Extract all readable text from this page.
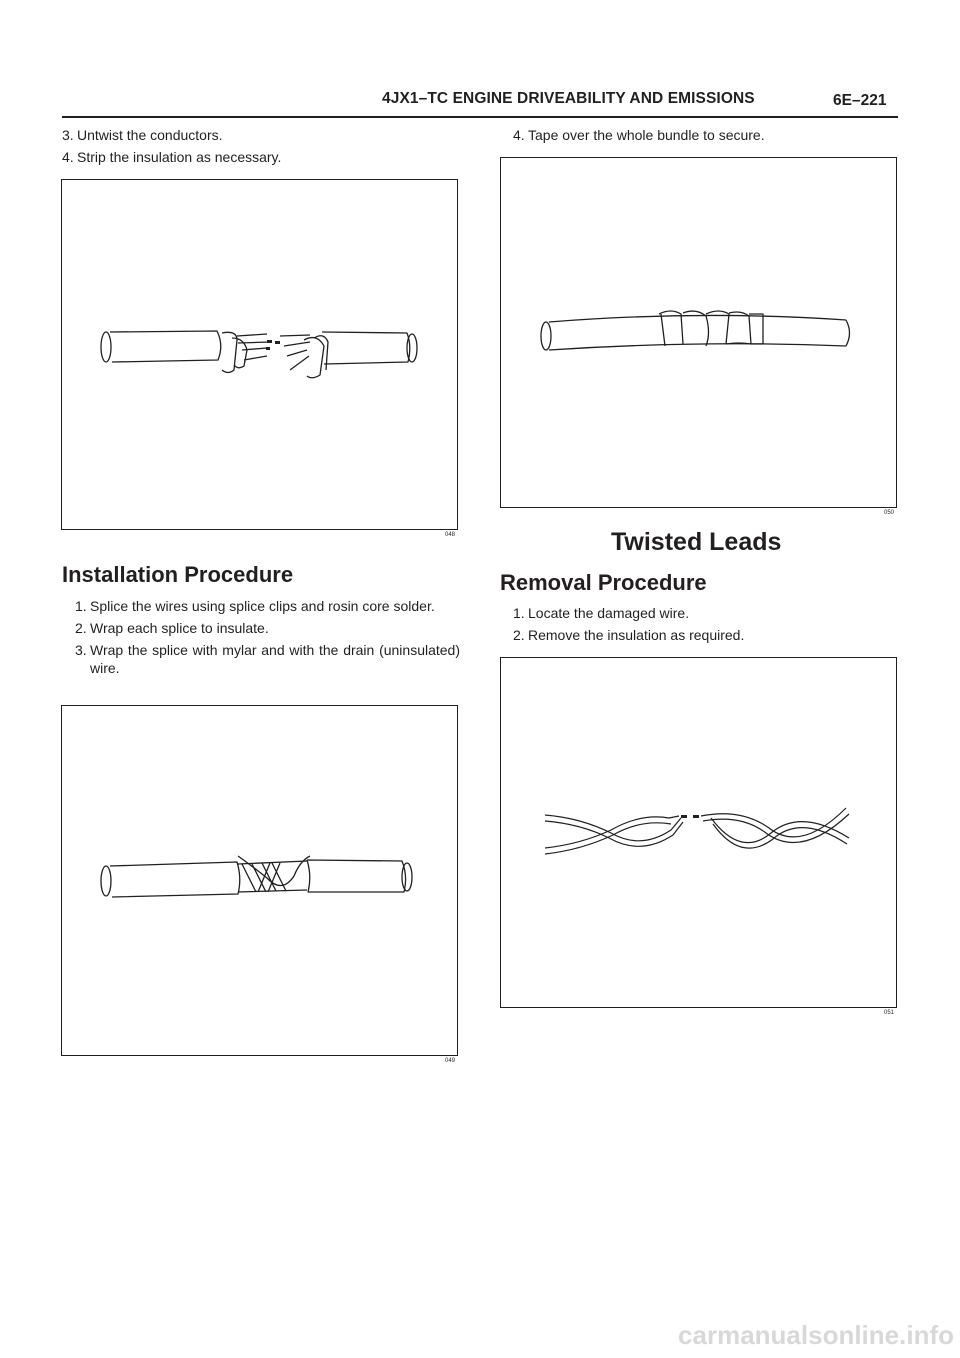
4JX1–TC ENGINE DRIVEABILITY AND EMISSIONS	6E–221
3. Untwist the conductors.
4. Strip the insulation as necessary.
048
Installation Procedure
1. Splice the wires using splice clips and rosin core solder.
2. Wrap each splice to insulate.
3. Wrap the splice with mylar and with the drain (uninsulated) wire.
049
4. Tape over the whole bundle to secure.
050
Twisted Leads
Removal Procedure
1. Locate the damaged wire.
2. Remove the insulation as required.
051
carmanualsonline.info
